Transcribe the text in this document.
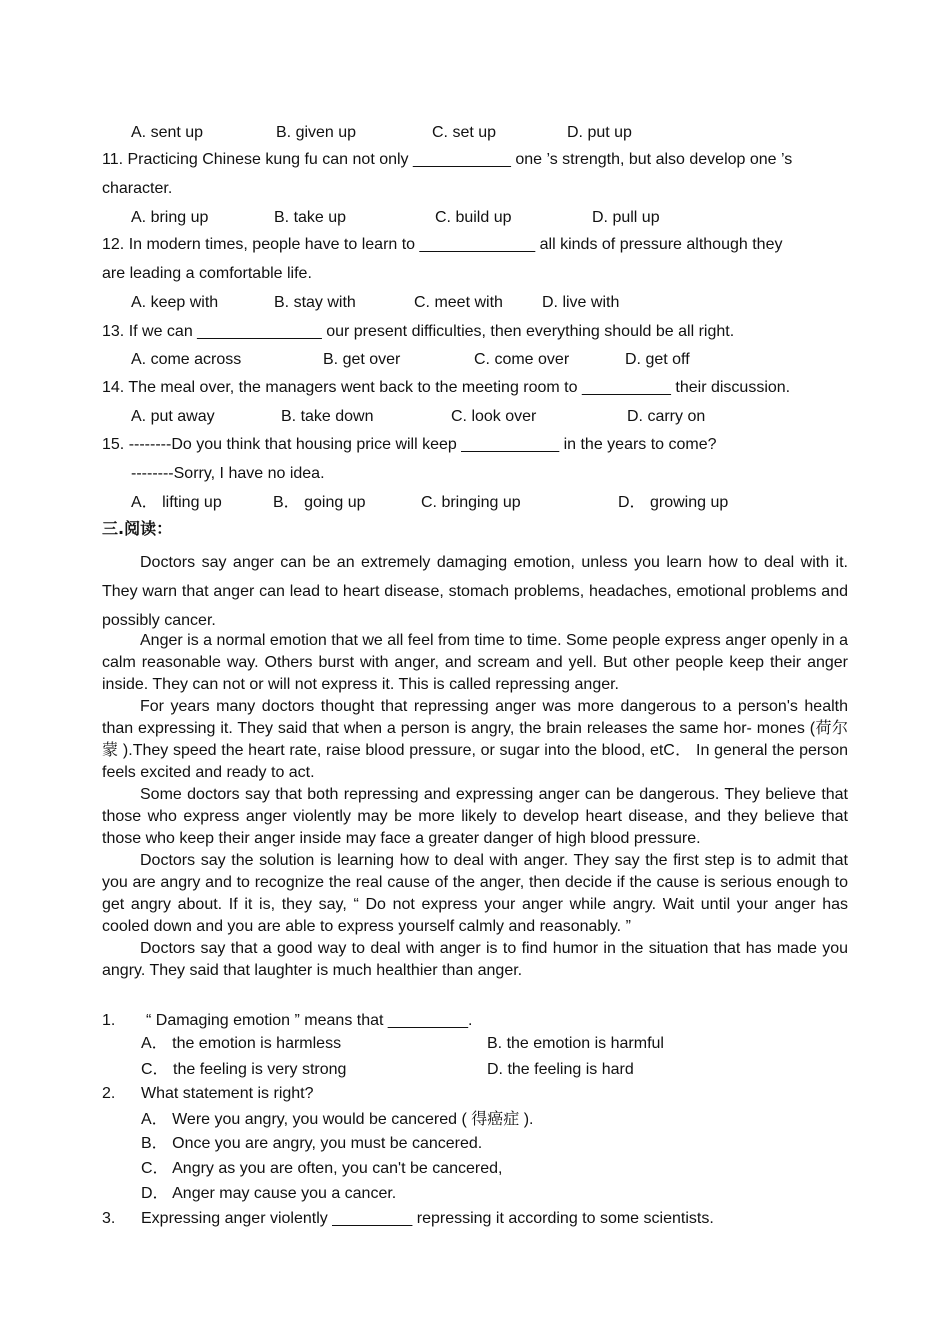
A. sent up	B. given up	C. set up	D. put up
11. Practicing Chinese kung fu can not only ___________ one ’s strength, but also develop one ’s
character.
A. bring up	B. take up	C. build up	D. pull up
12. In modern times, people have to learn to _____________ all kinds of pressure although they
are leading a comfortable life.
A. keep with	B. stay with	C. meet with D. live with
13. If we can ______________ our present difficulties, then everything should be all right.
A. come across	B. get over	C. come over	D. get off
14. The meal over, the managers went back to the meeting room to __________ their discussion.
A. put away	B. take down	C. look over	D. carry on
15. --------Do you think that housing price will keep ___________ in the years to come?
--------Sorry, I have no idea.
A． lifting up	B． going up	C. bringing up	D． growing up
三.阅读：

Doctors say anger can be an extremely damaging emotion, unless you learn how to deal with it. They warn that anger can lead to heart disease, stomach problems, headaches, emotional problems and possibly cancer.

Anger is a normal emotion that we all feel from time to time. Some people express anger openly in a calm reasonable way. Others burst with anger, and scream and yell. But other people keep their anger inside. They can not or will not express it. This is called repressing anger.

For years many doctors thought that repressing anger was more dangerous to a person's health than expressing it. They said that when a person is angry, the brain releases the same hor- mones (荷尔蒙 ).They speed the heart rate, raise blood pressure, or sugar into the blood, etC． In general the person feels excited and ready to act.

Some doctors say that both repressing and expressing anger can be dangerous. They believe that those who express anger violently may be more likely to develop heart disease, and they believe that those who keep their anger inside may face a greater danger of high blood pressure.

Doctors say the solution is learning how to deal with anger. They say the first step is to admit that you are angry and to recognize the real cause of the anger, then decide if the cause is serious enough to get angry about. If it is, they say, “ Do not express your anger while angry. Wait until your anger has cooled down and you are able to express yourself calmly and reasonably. ”

Doctors say that a good way to deal with anger is to find humor in the situation that has made you angry. They said that laughter is much healthier than anger.

1. “ Damaging emotion ” means that _________.
A． the emotion is harmless	B. the emotion is harmful
C． the feeling is very strong	D. the feeling is hard
2. What statement is right?
A． Were you angry, you would be cancered ( 得癌症 ).
B． Once you are angry, you must be cancered.
C． Angry as you are often, you can't be cancered,
D． Anger may cause you a cancer.
3. Expressing anger violently _________ repressing it according to some scientists.
